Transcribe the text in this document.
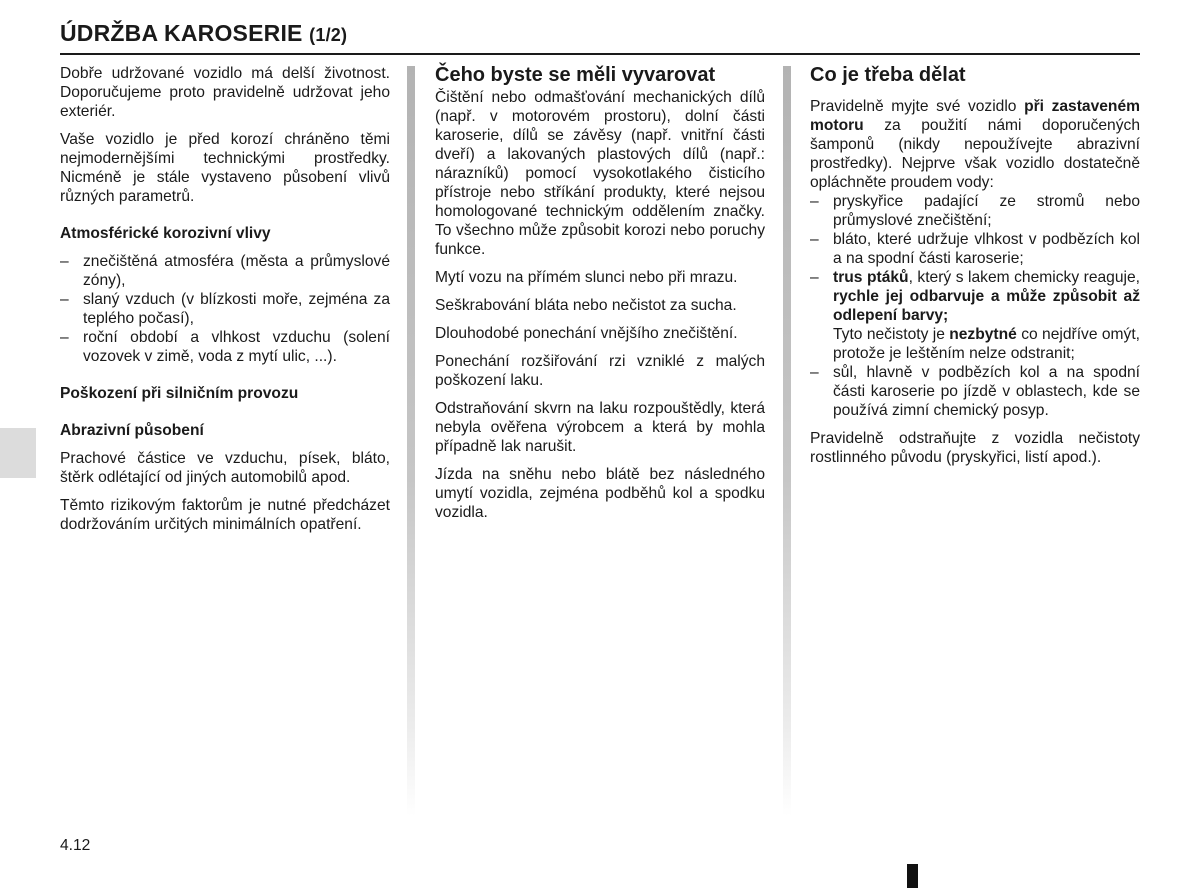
ÚDRŽBA KAROSERIE (1/2)

Dobře udržované vozidlo má delší životnost. Doporučujeme proto pravidelně udržovat jeho exteriér.

Vaše vozidlo je před korozí chráněno těmi nejmodernějšími technickými prostředky. Nicméně je stále vystaveno působení vlivů různých parametrů.

Atmosférické korozivní vlivy

– znečištěná atmosféra (města a průmyslové zóny),
– slaný vzduch (v blízkosti moře, zejména za teplého počasí),
– roční období a vlhkost vzduchu (solení vozovek v zimě, voda z mytí ulic, ...).

Poškození při silničním provozu

Abrazivní působení

Prachové částice ve vzduchu, písek, bláto, štěrk odlétající od jiných automobilů apod.

Těmto rizikovým faktorům je nutné předcházet dodržováním určitých minimálních opatření.

Čeho byste se měli vyvarovat

Čištění nebo odmašťování mechanických dílů (např. v motorovém prostoru), dolní části karoserie, dílů se závěsy (např. vnitřní části dveří) a lakovaných plastových dílů (např.: nárazníků) pomocí vysokotlakého čisticího přístroje nebo stříkání produkty, které nejsou homologované technickým oddělením značky. To všechno může způsobit korozi nebo poruchy funkce.

Mytí vozu na přímém slunci nebo při mrazu.

Seškrabování bláta nebo nečistot za sucha.

Dlouhodobé ponechání vnějšího znečištění.

Ponechání rozšiřování rzi vzniklé z malých poškození laku.

Odstraňování skvrn na laku rozpouštědly, která nebyla ověřena výrobcem a která by mohla případně lak narušit.

Jízda na sněhu nebo blátě bez následného umytí vozidla, zejména podběhů kol a spodku vozidla.

Co je třeba dělat

Pravidelně myjte své vozidlo při zastaveném motoru za použití námi doporučených šamponů (nikdy nepoužívejte abrazivní prostředky). Nejprve však vozidlo dostatečně opláchněte proudem vody:

– pryskyřice padající ze stromů nebo průmyslové znečištění;
– bláto, které udržuje vlhkost v podbězích kol a na spodní části karoserie;
– trus ptáků, který s lakem chemicky reaguje, rychle jej odbarvuje a může způsobit až odlepení barvy;
Tyto nečistoty je nezbytné co nejdříve omýt, protože je leštěním nelze odstranit;
– sůl, hlavně v podbězích kol a na spodní části karoserie po jízdě v oblastech, kde se používá zimní chemický posyp.

Pravidelně odstraňujte z vozidla nečistoty rostlinného původu (pryskyřici, listí apod.).

4.12
